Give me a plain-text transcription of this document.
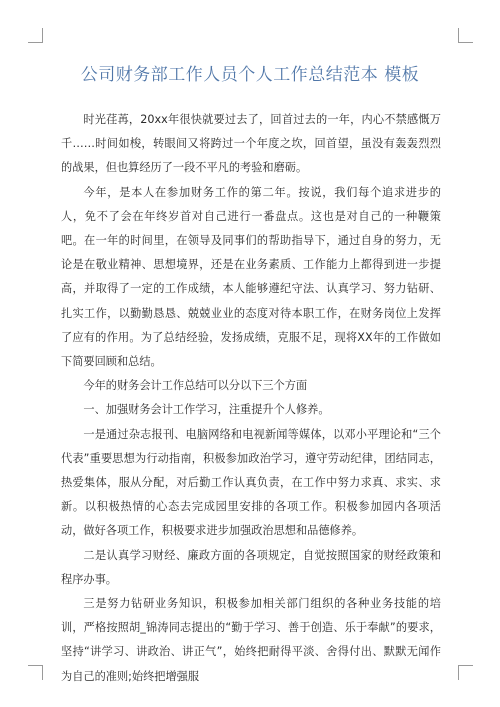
公司财务部工作人员个人工作总结范本 模板

时光荏苒，20xx年很快就要过去了，回首过去的一年，内心不禁感慨万千……时间如梭，转眼间又将跨过一个年度之坎，回首望，虽没有轰轰烈烈的战果，但也算经历了一段不平凡的考验和磨砺。

今年，是本人在参加财务工作的第二年。按说，我们每个追求进步的人，免不了会在年终岁首对自己进行一番盘点。这也是对自己的一种鞭策吧。在一年的时间里，在领导及同事们的帮助指导下，通过自身的努力，无论是在敬业精神、思想境界，还是在业务素质、工作能力上都得到进一步提高，并取得了一定的工作成绩，本人能够遵纪守法、认真学习、努力钻研、扎实工作，以勤勤恳恳、兢兢业业的态度对待本职工作，在财务岗位上发挥了应有的作用。为了总结经验，发扬成绩，克服不足，现将XX年的工作做如下简要回顾和总结。

今年的财务会计工作总结可以分以下三个方面

一、加强财务会计工作学习，注重提升个人修养。

一是通过杂志报刊、电脑网络和电视新闻等媒体，以邓小平理论和“三个代表”重要思想为行动指南，积极参加政治学习，遵守劳动纪律，团结同志，热爱集体，服从分配，对后勤工作认真负责，在工作中努力求真、求实、求新。以积极热情的心态去完成园里安排的各项工作。积极参加园内各项活动，做好各项工作，积极要求进步加强政治思想和品德修养。

二是认真学习财经、廉政方面的各项规定，自觉按照国家的财经政策和程序办事。

三是努力钻研业务知识，积极参加相关部门组织的各种业务技能的培训，严格按照胡_锦涛同志提出的“勤于学习、善于创造、乐于奉献”的要求，坚持“讲学习、讲政治、讲正气”，始终把耐得平淡、舍得付出、默默无闻作为自己的准则;始终把增强服
